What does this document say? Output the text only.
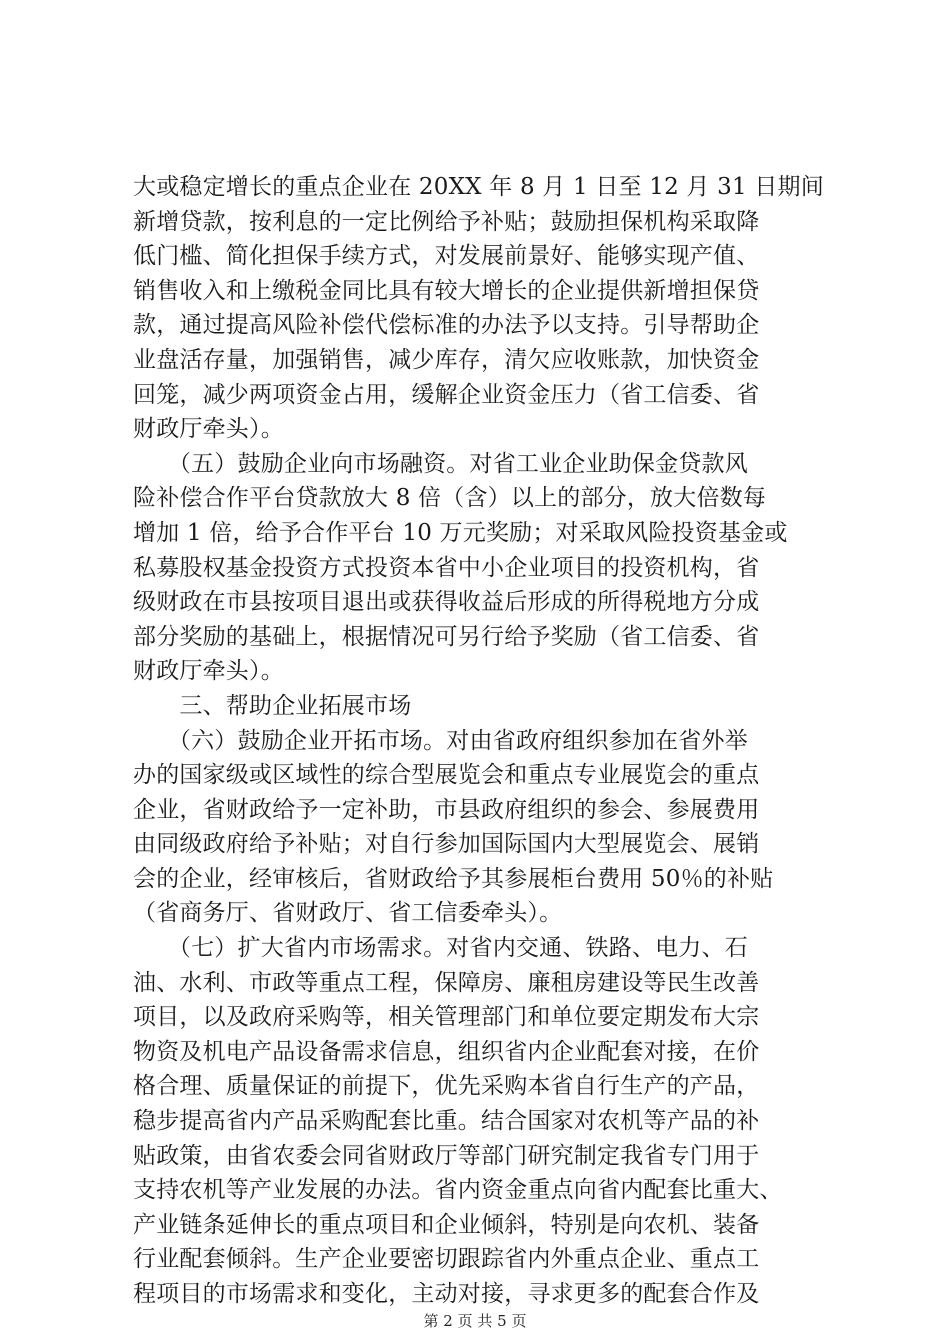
大或稳定增长的重点企业在 20XX 年 8 月 1 日至 12 月 31 日期间
新增贷款，按利息的一定比例给予补贴；鼓励担保机构采取降
低门槛、简化担保手续方式，对发展前景好、能够实现产值、
销售收入和上缴税金同比具有较大增长的企业提供新增担保贷
款，通过提高风险补偿代偿标准的办法予以支持。引导帮助企
业盘活存量，加强销售，减少库存，清欠应收账款，加快资金
回笼，减少两项资金占用，缓解企业资金压力（省工信委、省
财政厅牵头）。
　　（五）鼓励企业向市场融资。对省工业企业助保金贷款风
险补偿合作平台贷款放大 8 倍（含）以上的部分，放大倍数每
增加 1 倍，给予合作平台 10 万元奖励；对采取风险投资基金或
私募股权基金投资方式投资本省中小企业项目的投资机构，省
级财政在市县按项目退出或获得收益后形成的所得税地方分成
部分奖励的基础上，根据情况可另行给予奖励（省工信委、省
财政厅牵头）。
　　三、帮助企业拓展市场
　　（六）鼓励企业开拓市场。对由省政府组织参加在省外举
办的国家级或区域性的综合型展览会和重点专业展览会的重点
企业，省财政给予一定补助，市县政府组织的参会、参展费用
由同级政府给予补贴；对自行参加国际国内大型展览会、展销
会的企业，经审核后，省财政给予其参展柜台费用 50％的补贴
（省商务厅、省财政厅、省工信委牵头）。
　　（七）扩大省内市场需求。对省内交通、铁路、电力、石
油、水利、市政等重点工程，保障房、廉租房建设等民生改善
项目，以及政府采购等，相关管理部门和单位要定期发布大宗
物资及机电产品设备需求信息，组织省内企业配套对接，在价
格合理、质量保证的前提下，优先采购本省自行生产的产品，
稳步提高省内产品采购配套比重。结合国家对农机等产品的补
贴政策，由省农委会同省财政厅等部门研究制定我省专门用于
支持农机等产业发展的办法。省内资金重点向省内配套比重大、
产业链条延伸长的重点项目和企业倾斜，特别是向农机、装备
行业配套倾斜。生产企业要密切跟踪省内外重点企业、重点工
程项目的市场需求和变化，主动对接，寻求更多的配套合作及
第 2 页 共 5 页
